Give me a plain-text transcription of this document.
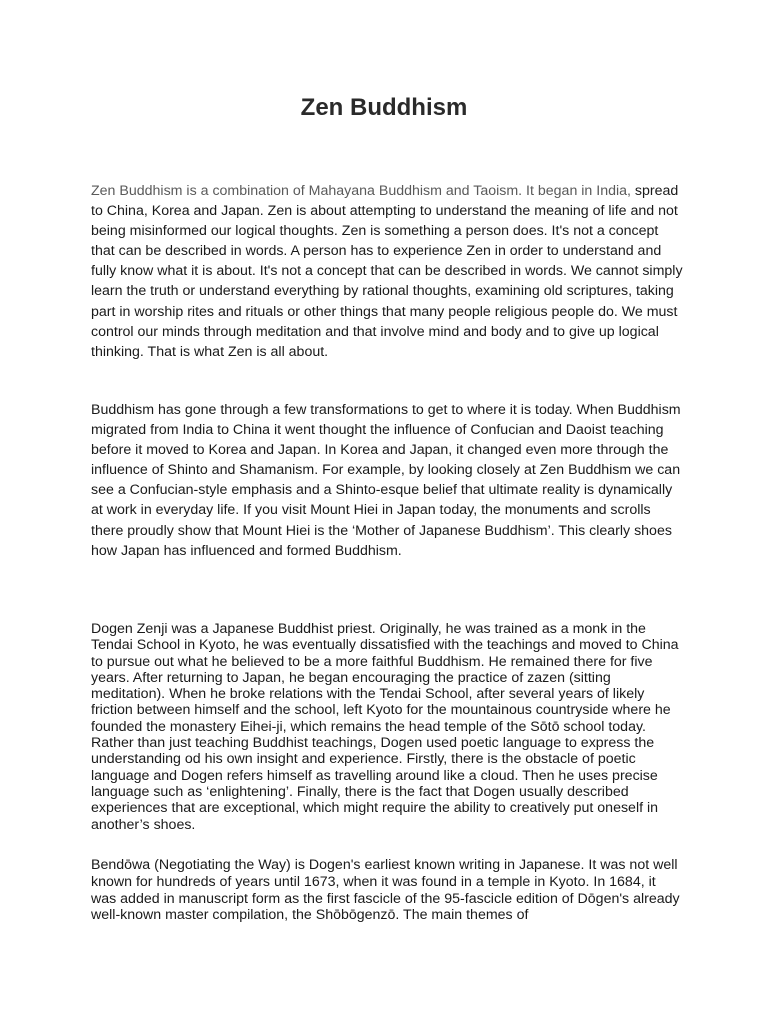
Zen Buddhism
Zen Buddhism is a combination of Mahayana Buddhism and Taoism. It began in India, spread to China, Korea and Japan. Zen is about attempting to understand the meaning of life and not being misinformed our logical thoughts. Zen is something a person does. It's not a concept that can be described in words. A person has to experience Zen in order to understand and fully know what it is about. It's not a concept that can be described in words. We cannot simply learn the truth or understand everything by rational thoughts, examining old scriptures, taking part in worship rites and rituals or other things that many people religious people do. We must control our minds through meditation and that involve mind and body and to give up logical thinking. That is what Zen is all about.
Buddhism has gone through a few transformations to get to where it is today. When Buddhism migrated from India to China it went thought the influence of Confucian and Daoist teaching before it moved to Korea and Japan. In Korea and Japan, it changed even more through the influence of Shinto and Shamanism. For example, by looking closely at Zen Buddhism we can see a Confucian-style emphasis and a Shinto-esque belief that ultimate reality is dynamically at work in everyday life. If you visit Mount Hiei in Japan today, the monuments and scrolls there proudly show that Mount Hiei is the ‘Mother of Japanese Buddhism’. This clearly shoes how Japan has influenced and formed Buddhism.
Dogen Zenji was a Japanese Buddhist priest. Originally, he was trained as a monk in the Tendai School in Kyoto, he was eventually dissatisfied with the teachings and moved to China to pursue out what he believed to be a more faithful Buddhism. He remained there for five years. After returning to Japan, he began encouraging the practice of zazen (sitting meditation). When he broke relations with the Tendai School, after several years of likely friction between himself and the school, left Kyoto for the mountainous countryside where he founded the monastery Eihei-ji, which remains the head temple of the Sōtō school today. Rather than just teaching Buddhist teachings, Dogen used poetic language to express the understanding od his own insight and experience. Firstly, there is the obstacle of poetic language and Dogen refers himself as travelling around like a cloud. Then he uses precise language such as ‘enlightening’. Finally, there is the fact that Dogen usually described experiences that are exceptional, which might require the ability to creatively put oneself in another’s shoes.
Bendōwa (Negotiating the Way) is Dogen's earliest known writing in Japanese. It was not well known for hundreds of years until 1673, when it was found in a temple in Kyoto. In 1684, it was added in manuscript form as the first fascicle of the 95-fascicle edition of Dōgen's already well-known master compilation, the Shōbōgenzō. The main themes of
